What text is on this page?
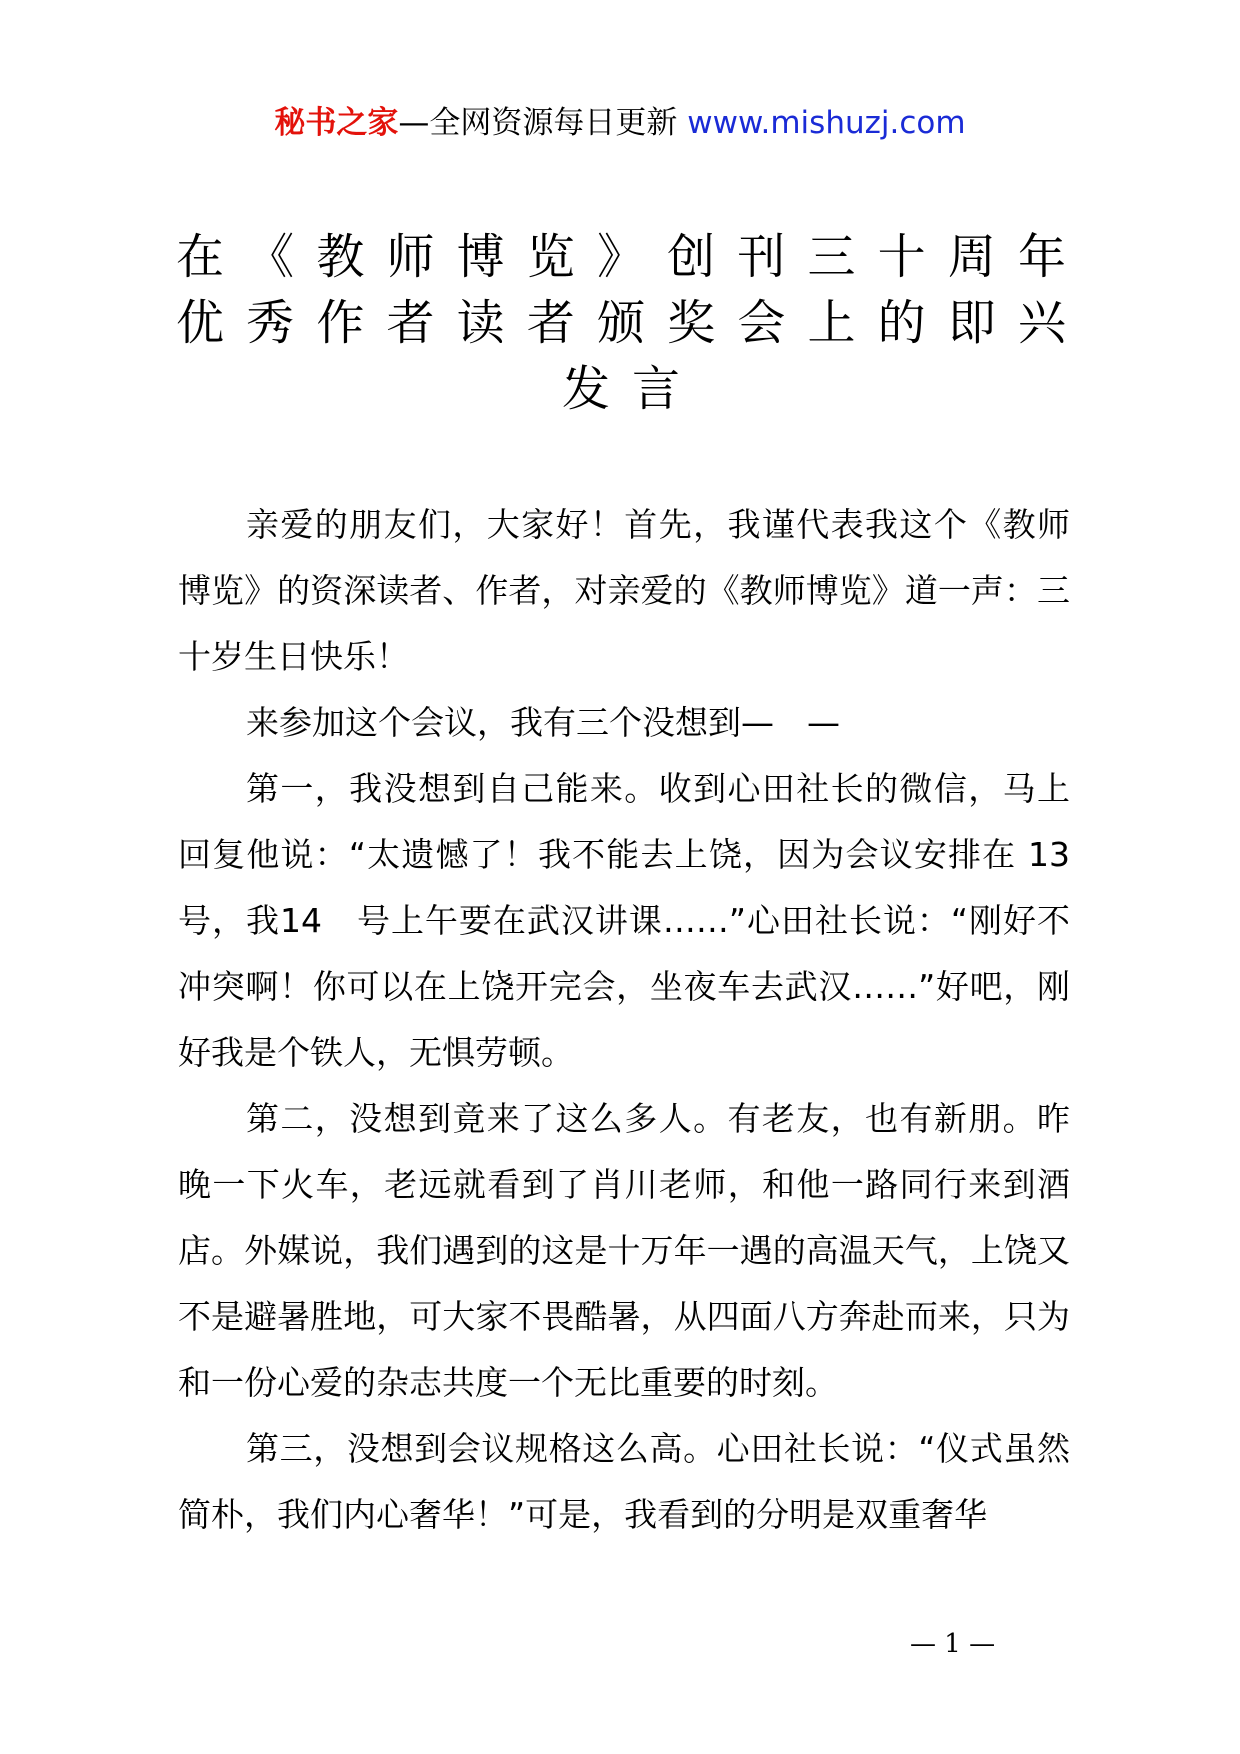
秘书之家—全网资源每日更新 www.mishuzj.com
在《教师博览》创刊三十周年
优秀作者读者颁奖会上的即兴
发言

亲爱的朋友们，大家好！首先，我谨代表我这个《教师博览》的资深读者、作者，对亲爱的《教师博览》道一声：三十岁生日快乐！

来参加这个会议，我有三个没想到—　—

第一，我没想到自己能来。收到心田社长的微信，马上回复他说：“太遗憾了！我不能去上饶，因为会议安排在 13　号，我14　号上午要在武汉讲课……”心田社长说：“刚好不冲突啊！你可以在上饶开完会，坐夜车去武汉……”好吧，刚好我是个铁人，无惧劳顿。

第二，没想到竟来了这么多人。有老友，也有新朋。昨晚一下火车，老远就看到了肖川老师，和他一路同行来到酒店。外媒说，我们遇到的这是十万年一遇的高温天气，上饶又不是避暑胜地，可大家不畏酷暑，从四面八方奔赴而来，只为和一份心爱的杂志共度一个无比重要的时刻。

第三，没想到会议规格这么高。心田社长说：“仪式虽然简朴，我们内心奢华！”可是，我看到的分明是双重奢华

— 1 —
